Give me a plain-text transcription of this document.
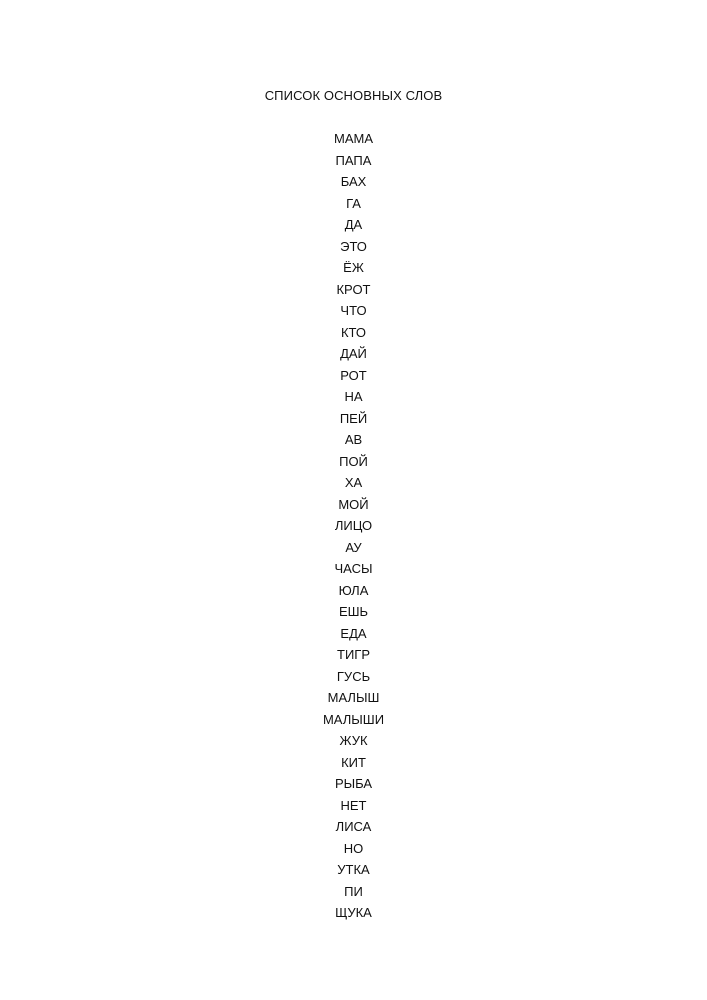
СПИСОК ОСНОВНЫХ СЛОВ
МАМА
ПАПА
БАХ
ГА
ДА
ЭТО
ЁЖ
КРОТ
ЧТО
КТО
ДАЙ
РОТ
НА
ПЕЙ
АВ
ПОЙ
ХА
МОЙ
ЛИЦО
АУ
ЧАСЫ
ЮЛА
ЕШЬ
ЕДА
ТИГР
ГУСЬ
МАЛЫШ
МАЛЫШИ
ЖУК
КИТ
РЫБА
НЕТ
ЛИСА
НО
УТКА
ПИ
ЩУКА
